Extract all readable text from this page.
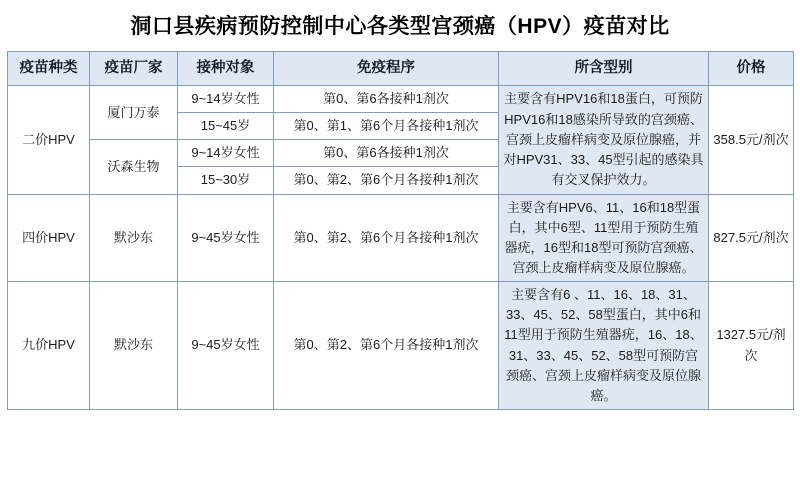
洞口县疾病预防控制中心各类型宫颈癌（HPV）疫苗对比
疫苗种类	疫苗厂家	接种对象	免疫程序	所含型别	价格
二价HPV	厦门万泰	9~14岁女性	第0、第6各接种1剂次	主要含有HPV16和18蛋白，可预防HPV16和18感染所导致的宫颈癌、宫颈上皮瘤样病变及原位腺癌，并对HPV31、33、45型引起的感染具有交叉保护效力。	358.5元/剂次
		15~45岁	第0、第1、第6个月各接种1剂次		
	沃森生物	9~14岁女性	第0、第6各接种1剂次		
		15~30岁	第0、第2、第6个月各接种1剂次		
四价HPV	默沙东	9~45岁女性	第0、第2、第6个月各接种1剂次	主要含有HPV6、11、16和18型蛋白，其中6型、11型用于预防生殖器疣，16型和18型可预防宫颈癌、宫颈上皮瘤样病变及原位腺癌。	827.5元/剂次
九价HPV	默沙东	9~45岁女性	第0、第2、第6个月各接种1剂次	主要含有6 、11、16、18、31、33、45、52、58型蛋白，其中6和11型用于预防生殖器疣，16、18、31、33、45、52、58型可预防宫颈癌、宫颈上皮瘤样病变及原位腺癌。	1327.5元/剂次
